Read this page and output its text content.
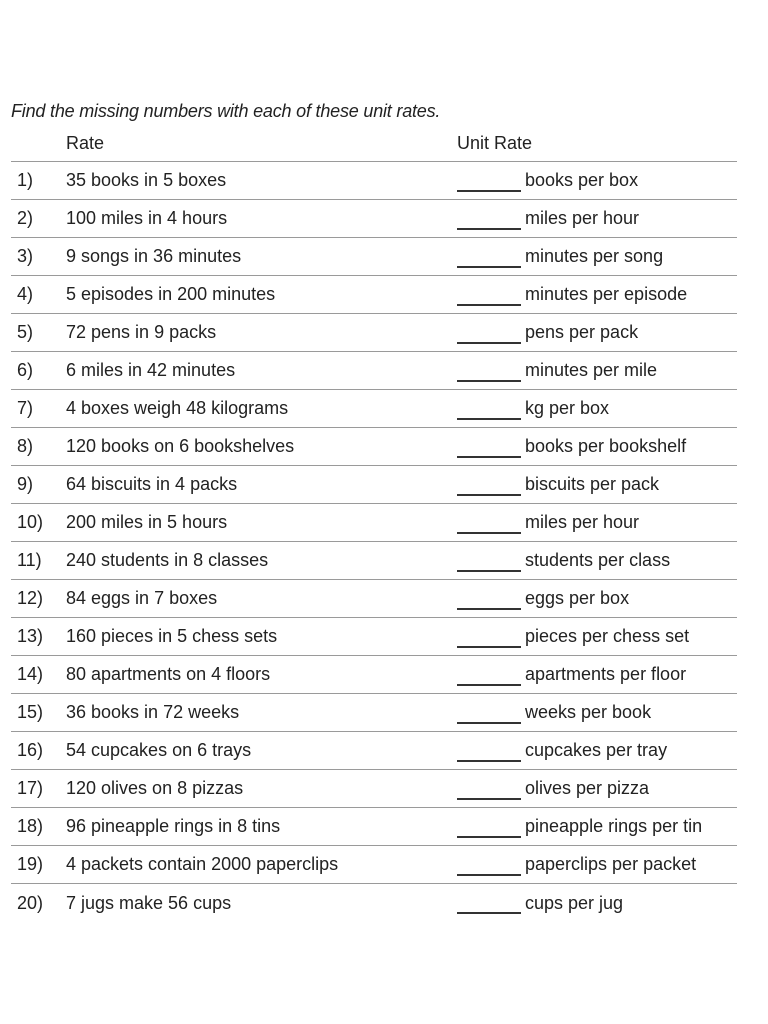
Find the missing numbers with each of these unit rates.

Rate	Unit Rate
1)	35 books in 5 boxes	books per box
2)	100 miles in 4 hours	miles per hour
3)	9 songs in 36 minutes	minutes per song
4)	5 episodes in 200 minutes	minutes per episode
5)	72 pens in 9 packs	pens per pack
6)	6 miles in 42 minutes	minutes per mile
7)	4 boxes weigh 48 kilograms	kg per box
8)	120 books on 6 bookshelves	books per bookshelf
9)	64 biscuits in 4 packs	biscuits per pack
10)	200 miles in 5 hours	miles per hour
11)	240 students in 8 classes	students per class
12)	84 eggs in 7 boxes	eggs per box
13)	160 pieces in 5 chess sets	pieces per chess set
14)	80 apartments on 4 floors	apartments per floor
15)	36 books in 72 weeks	weeks per book
16)	54 cupcakes on 6 trays	cupcakes per tray
17)	120 olives on 8 pizzas	olives per pizza
18)	96 pineapple rings in 8 tins	pineapple rings per tin
19)	4 packets contain 2000 paperclips	paperclips per packet
20)	7 jugs make 56 cups	cups per jug
